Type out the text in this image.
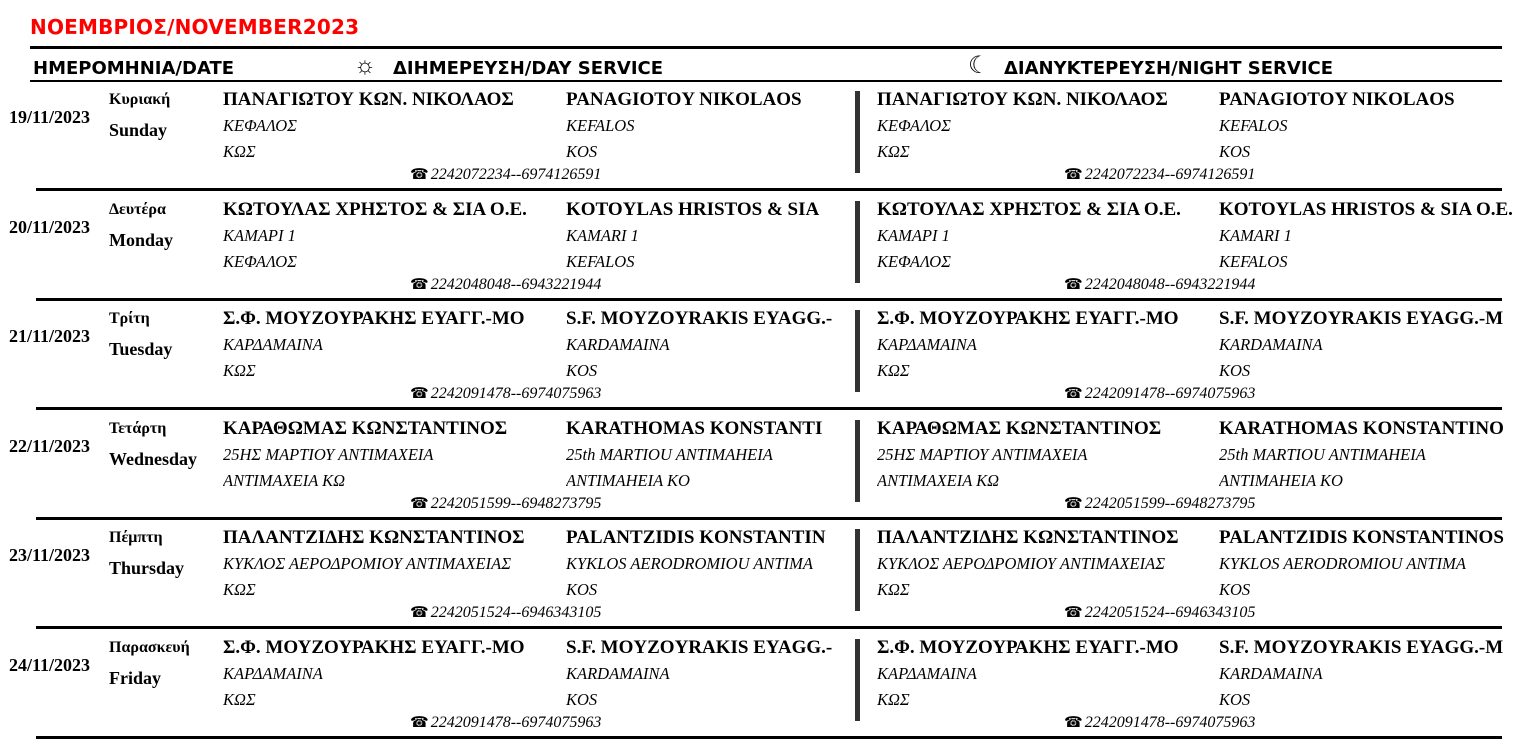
ΝΟΕΜΒΡΙΟΣ/NOVEMBER2023
ΗΜΕΡΟΜΗΝΙΑ/DATE	☼ ΔΙΗΜΕΡΕΥΣΗ/DAY SERVICE	☾ ΔΙΑΝΥΚΤΕΡΕΥΣΗ/NIGHT SERVICE
19/11/2023
Κυριακή
Sunday
ΠΑΝΑΓΙΩΤΟΥ ΚΩΝ. ΝΙΚΟΛΑΟΣ
ΚΕΦΑΛΟΣ
ΚΩΣ
PANAGIOTOY NIKOLAOS
KEFALOS
KOS
☎ 2242072234--6974126591
ΠΑΝΑΓΙΩΤΟΥ ΚΩΝ. ΝΙΚΟΛΑΟΣ
ΚΕΦΑΛΟΣ
ΚΩΣ
PANAGIOTOY NIKOLAOS
KEFALOS
KOS
☎ 2242072234--6974126591
20/11/2023
Δευτέρα
Monday
ΚΩΤΟΥΛΑΣ ΧΡΗΣΤΟΣ & ΣΙΑ Ο.Ε.
ΚΑΜΑΡΙ 1
ΚΕΦΑΛΟΣ
KOTOYLAS HRISTOS & SIA
KAMARI 1
KEFALOS
☎ 2242048048--6943221944
ΚΩΤΟΥΛΑΣ ΧΡΗΣΤΟΣ & ΣΙΑ Ο.Ε.
ΚΑΜΑΡΙ 1
ΚΕΦΑΛΟΣ
KOTOYLAS HRISTOS & SIA O.E.
KAMARI 1
KEFALOS
☎ 2242048048--6943221944
21/11/2023
Τρίτη
Tuesday
Σ.Φ. ΜΟΥΖΟΥΡΑΚΗΣ ΕΥΑΓΓ.-ΜΟ
ΚΑΡΔΑΜΑΙΝΑ
ΚΩΣ
S.F. MOYZOYRAKIS EYAGG.-
KARDAMAINA
KOS
☎ 2242091478--6974075963
Σ.Φ. ΜΟΥΖΟΥΡΑΚΗΣ ΕΥΑΓΓ.-ΜΟ
ΚΑΡΔΑΜΑΙΝΑ
ΚΩΣ
S.F. MOYZOYRAKIS EYAGG.-M
KARDAMAINA
KOS
☎ 2242091478--6974075963
22/11/2023
Τετάρτη
Wednesday
ΚΑΡΑΘΩΜΑΣ ΚΩΝΣΤΑΝΤΙΝΟΣ
25ΗΣ ΜΑΡΤΙΟΥ ΑΝΤΙΜΑΧΕΙΑ
ΑΝΤΙΜΑΧΕΙΑ ΚΩ
KARATHOMAS KONSTANTI
25th MARTIOU ANTIMAHEIA
ANTIMAHEIA KO
☎ 2242051599--6948273795
ΚΑΡΑΘΩΜΑΣ ΚΩΝΣΤΑΝΤΙΝΟΣ
25ΗΣ ΜΑΡΤΙΟΥ ΑΝΤΙΜΑΧΕΙΑ
ΑΝΤΙΜΑΧΕΙΑ ΚΩ
KARATHOMAS KONSTANTINO
25th MARTIOU ANTIMAHEIA
ANTIMAHEIA KO
☎ 2242051599--6948273795
23/11/2023
Πέμπτη
Thursday
ΠΑΛΑΝΤΖΙΔΗΣ ΚΩΝΣΤΑΝΤΙΝΟΣ
ΚΥΚΛΟΣ ΑΕΡΟΔΡΟΜΙΟΥ ΑΝΤΙΜΑΧΕΙΑΣ
ΚΩΣ
PALANTZIDIS KONSTANTIN
KYKLOS AERODROMIOU ANTIMA
KOS
☎ 2242051524--6946343105
ΠΑΛΑΝΤΖΙΔΗΣ ΚΩΝΣΤΑΝΤΙΝΟΣ
ΚΥΚΛΟΣ ΑΕΡΟΔΡΟΜΙΟΥ ΑΝΤΙΜΑΧΕΙΑΣ
ΚΩΣ
PALANTZIDIS KONSTANTINOS
KYKLOS AERODROMIOU ANTIMA
KOS
☎ 2242051524--6946343105
24/11/2023
Παρασκευή
Friday
Σ.Φ. ΜΟΥΖΟΥΡΑΚΗΣ ΕΥΑΓΓ.-ΜΟ
ΚΑΡΔΑΜΑΙΝΑ
ΚΩΣ
S.F. MOYZOYRAKIS EYAGG.-
KARDAMAINA
KOS
☎ 2242091478--6974075963
Σ.Φ. ΜΟΥΖΟΥΡΑΚΗΣ ΕΥΑΓΓ.-ΜΟ
ΚΑΡΔΑΜΑΙΝΑ
ΚΩΣ
S.F. MOYZOYRAKIS EYAGG.-M
KARDAMAINA
KOS
☎ 2242091478--6974075963
